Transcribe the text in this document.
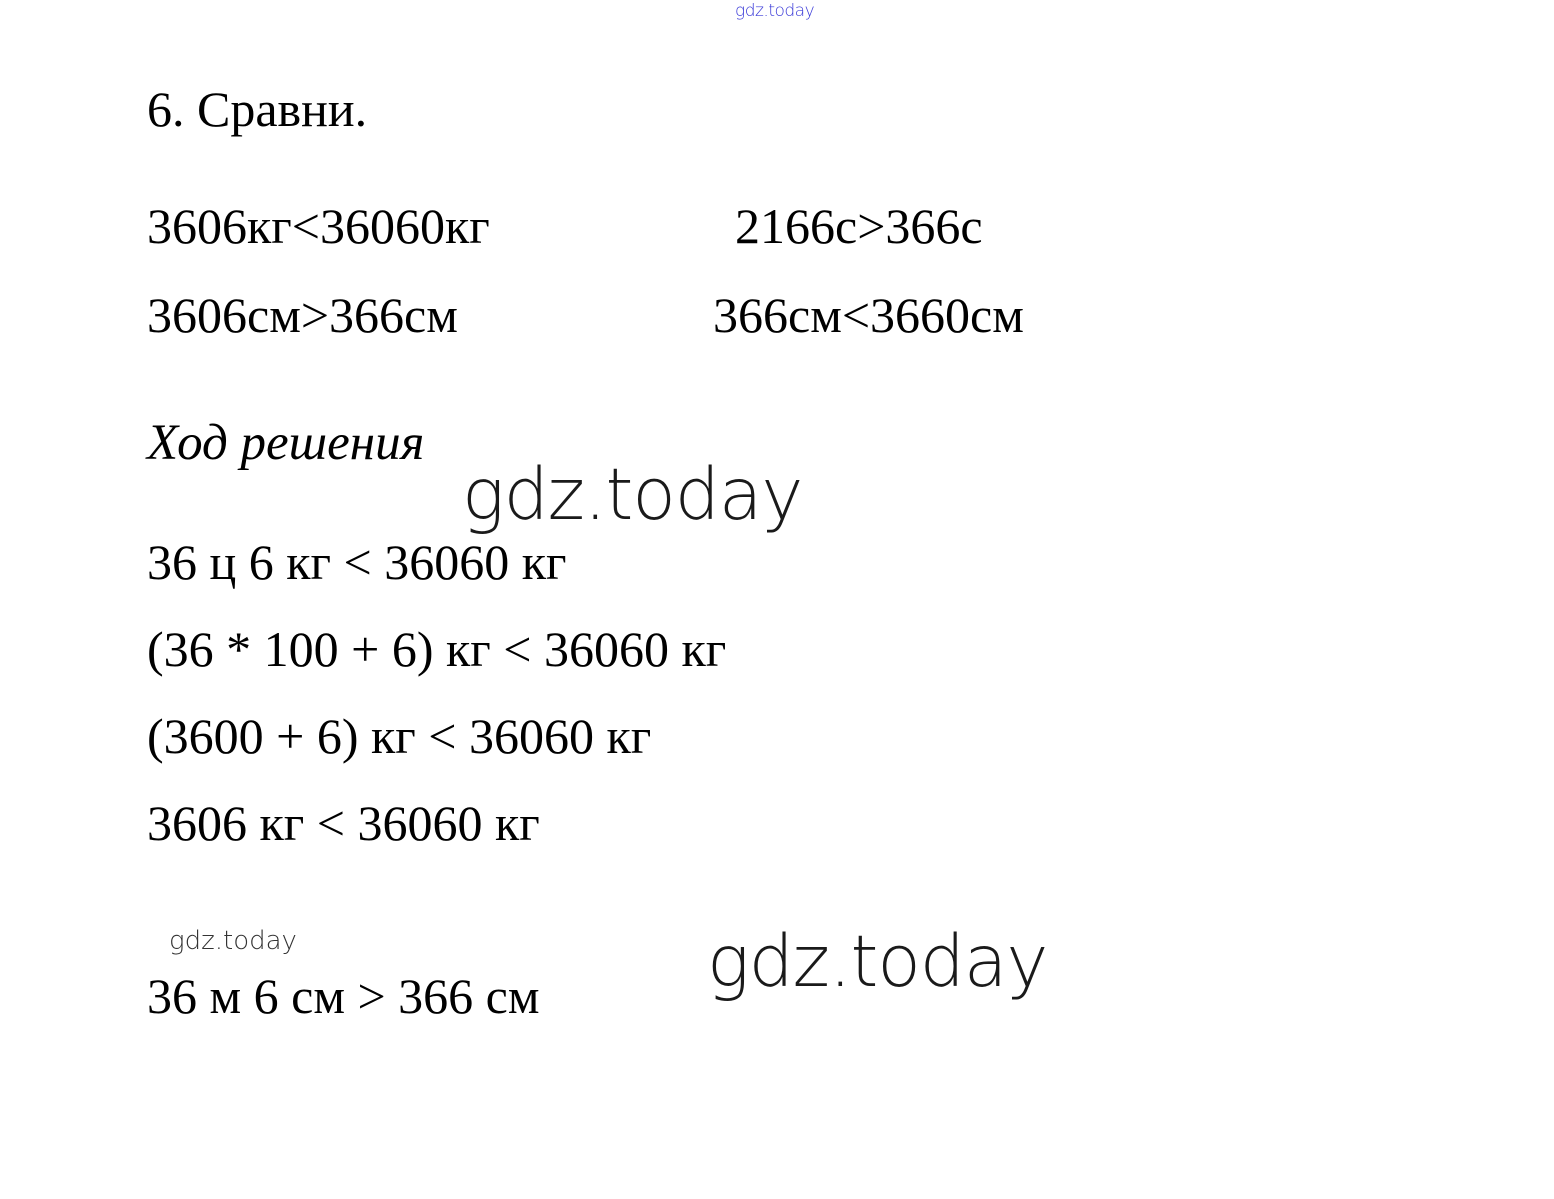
gdz.today
6. Сравни.
3606кг<36060кг	2166с>366с
3606см>366см	366см<3660см
Ход решения
gdz.today
36 ц 6 кг < 36060 кг
(36 * 100 + 6) кг < 36060 кг
(3600 + 6) кг < 36060 кг
3606 кг < 36060 кг
gdz.today	gdz.today
36 м 6 см > 366 см
